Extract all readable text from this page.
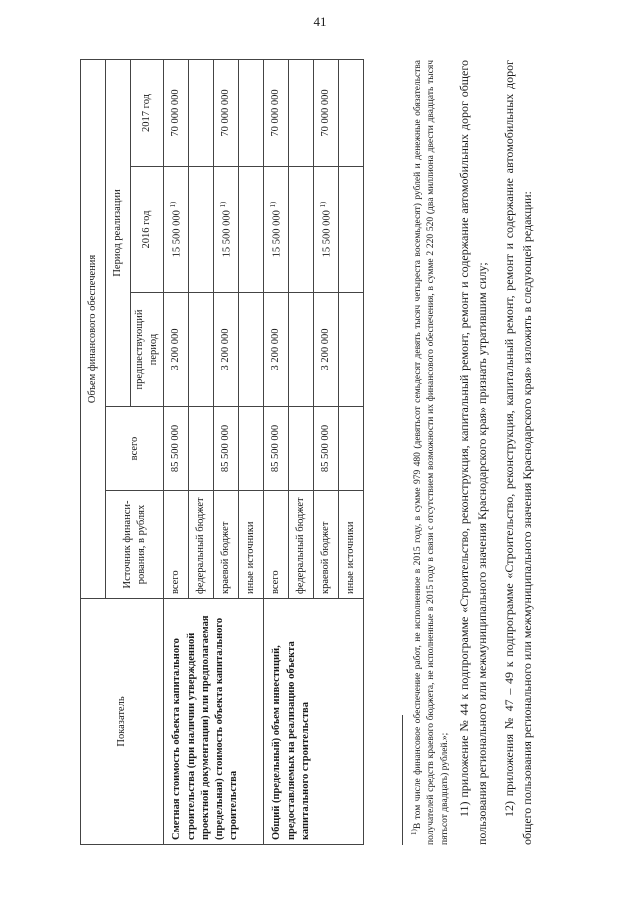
41
Показатель	Объем финансового обеспечения				
	Источник финанси-рования, в рублях	всего	Период реализации		
			предшествующий период	2016 год	2017 год
Сметная стоимость объекта капитального строительства (при наличии утвержденной проектной документации) или предполагаемая (предельная) стоимость объекта капитального строительства	всего	85 500 000	3 200 000	15 500 000 $^{1)}$	70 000 000
	федеральный бюджет				
	краевой бюджет	85 500 000	3 200 000	15 500 000 $^{1)}$	70 000 000
	иные источники				
Общий (предельный) объем инвестиций, предоставляемых на реализацию объекта капитального строительства	всего	85 500 000	3 200 000	15 500 000 $^{1)}$	70 000 000
	федеральный бюджет				
	краевой бюджет	85 500 000	3 200 000	15 500 000 $^{1)}$	70 000 000
	иные источники				

$^{1)}$В том числе финансовое обеспечение работ, не исполненное в 2015 году, в сумме 979 480 (девятьсот семьдесят девять тысяч четыреста восемьдесят) рублей и денежные обязательства получателей средств краевого бюджета, не исполненные в 2015 году в связи с отсутствием возможности их финансового обеспечения, в сумме 2 220 520 (два миллиона двести двадцать тысяч пятьсот двадцать) рублей.»; 11) приложение № 44 к подпрограмме «Строительство, реконструкция, капитальный ремонт, ремонт и содержание автомобильных дорог общего пользования регионального или межмуниципального значения Краснодарского края» признать утратившим силу; 12) приложения № 47 – 49 к подпрограмме «Строительство, реконструкция, капитальный ремонт, ремонт и содержание автомобильных дорог общего пользования регионального или межмуниципального значения Краснодарского края» изложить в следующей редакции:
